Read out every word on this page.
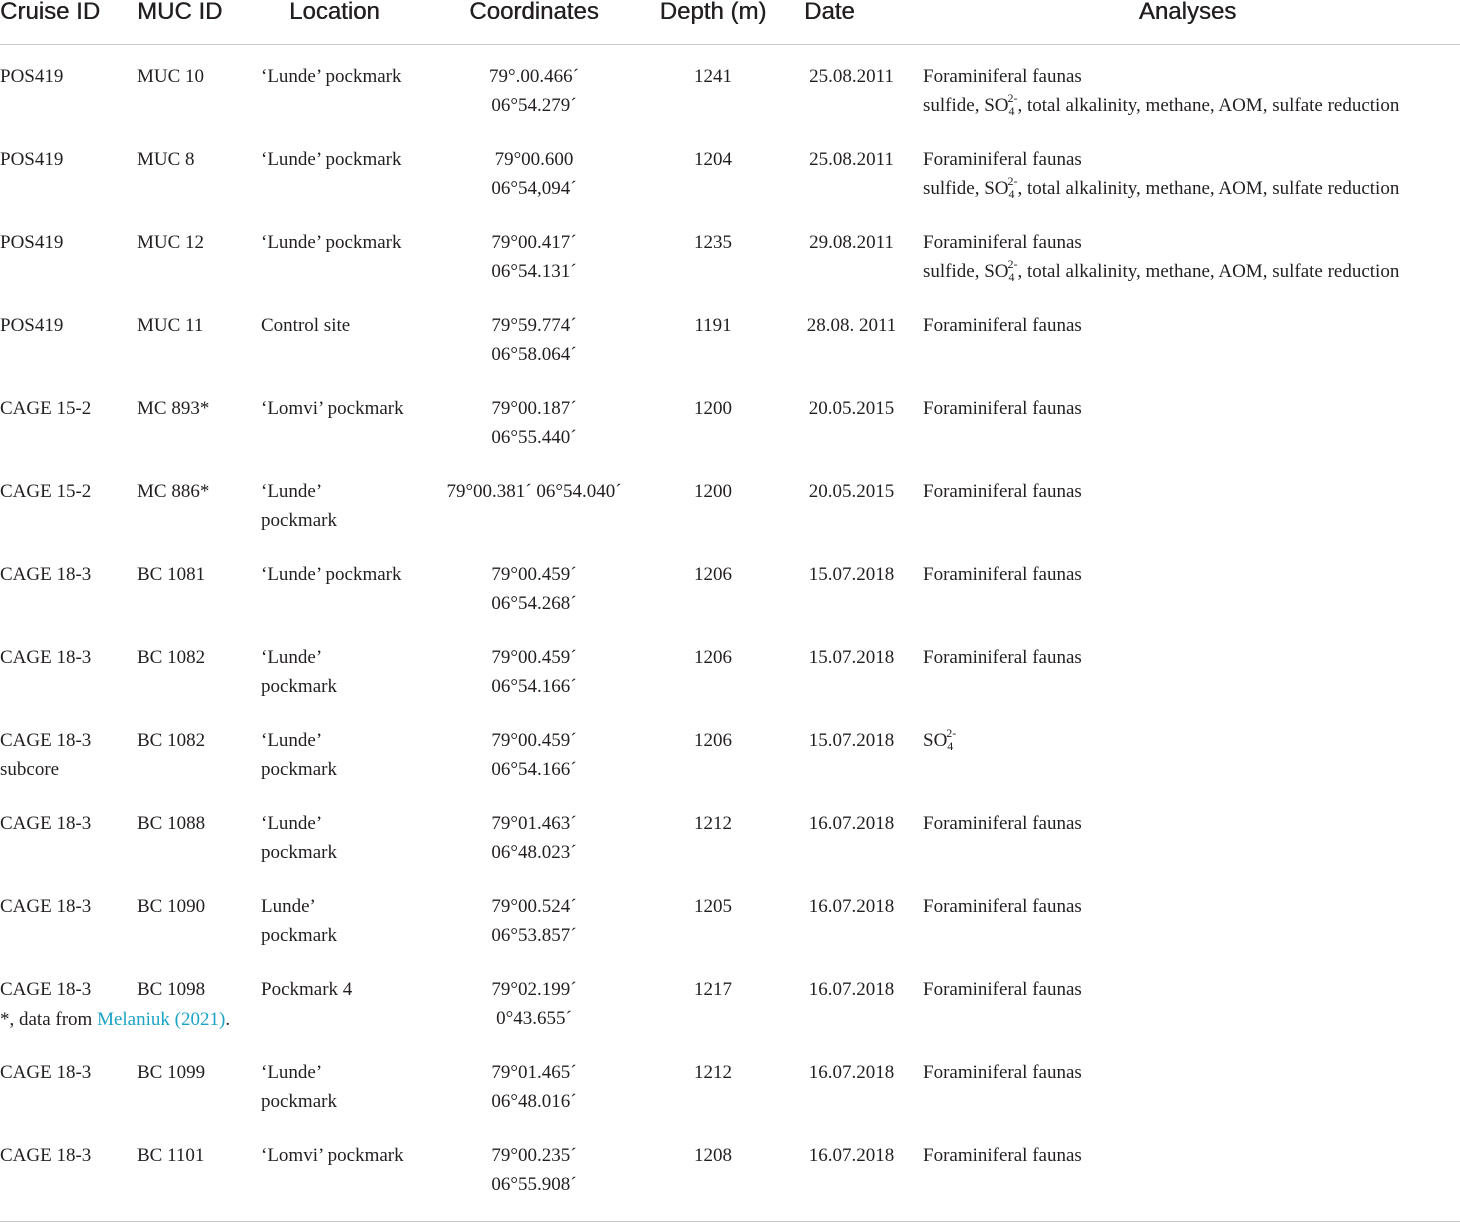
Cruise ID	MUC ID	Location	Coordinates	Depth (m)	Date	Analyses

POS419	MUC 10	‘Lunde’ pockmark	79°.00.466´
06°54.279´	1241	25.08.2011	Foraminiferal faunas
sulfide, $SO_4^{2-}$, total alkalinity, methane, AOM, sulfate reduction

POS419	MUC 8	‘Lunde’ pockmark	79°00.600
06°54,094´	1204	25.08.2011	Foraminiferal faunas
sulfide, $SO_4^{2-}$, total alkalinity, methane, AOM, sulfate reduction

POS419	MUC 12	‘Lunde’ pockmark	79°00.417´
06°54.131´	1235	29.08.2011	Foraminiferal faunas
sulfide, $SO_4^{2-}$, total alkalinity, methane, AOM, sulfate reduction

POS419	MUC 11	Control site	79°59.774´
06°58.064´	1191	28.08. 2011	Foraminiferal faunas

CAGE 15-2	MC 893*	‘Lomvi’ pockmark	79°00.187´
06°55.440´	1200	20.05.2015	Foraminiferal faunas

CAGE 15-2	MC 886*	‘Lunde’
pockmark	79°00.381´ 06°54.040´	1200	20.05.2015	Foraminiferal faunas

CAGE 18-3	BC 1081	‘Lunde’ pockmark	79°00.459´
06°54.268´	1206	15.07.2018	Foraminiferal faunas

CAGE 18-3	BC 1082	‘Lunde’
pockmark	79°00.459´
06°54.166´	1206	15.07.2018	Foraminiferal faunas

CAGE 18-3
subcore	BC 1082	‘Lunde’
pockmark	79°00.459´
06°54.166´	1206	15.07.2018	$SO_4^{2-}$

CAGE 18-3	BC 1088	‘Lunde’
pockmark	79°01.463´
06°48.023´	1212	16.07.2018	Foraminiferal faunas

CAGE 18-3	BC 1090	Lunde’
pockmark	79°00.524´
06°53.857´	1205	16.07.2018	Foraminiferal faunas

CAGE 18-3	BC 1098	Pockmark 4	79°02.199´
0°43.655´	1217	16.07.2018	Foraminiferal faunas

CAGE 18-3	BC 1099	‘Lunde’
pockmark	79°01.465´
06°48.016´	1212	16.07.2018	Foraminiferal faunas

CAGE 18-3	BC 1101	‘Lomvi’ pockmark	79°00.235´
06°55.908´	1208	16.07.2018	Foraminiferal faunas
*, data from Melaniuk (2021).
